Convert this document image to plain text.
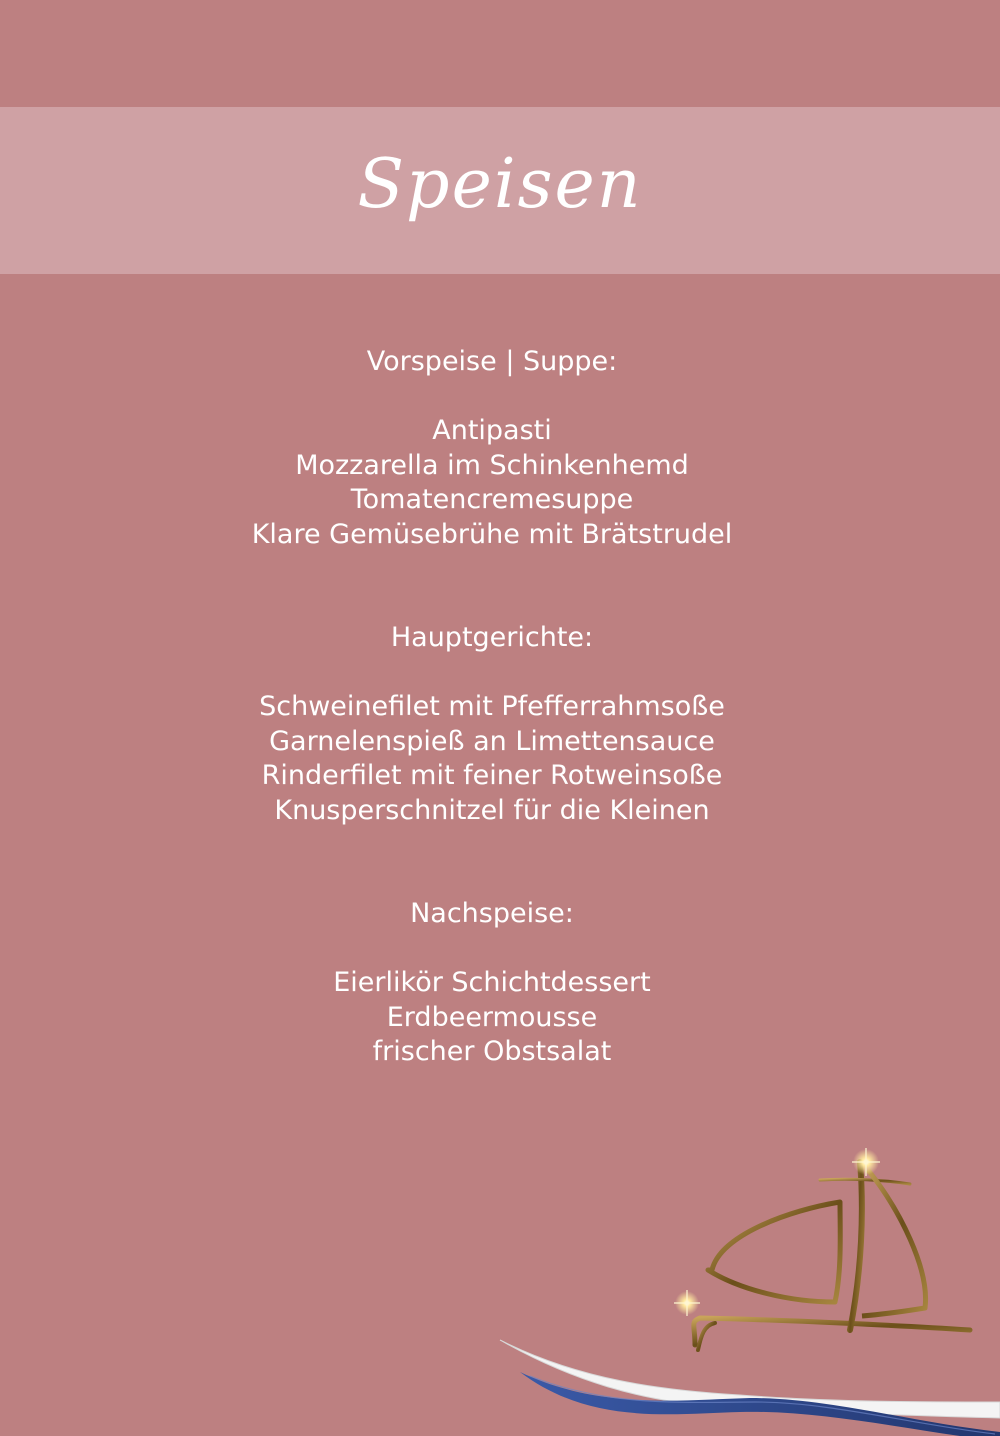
Speisen
Vorspeise | Suppe:
Antipasti
Mozzarella im Schinkenhemd
Tomatencremesuppe
Klare Gemüsebrühe mit Brätstrudel
Hauptgerichte:
Schweinefilet mit Pfefferrahmsoße
Garnelenspieß an Limettensauce
Rinderfilet mit feiner Rotweinsoße
Knusperschnitzel für die Kleinen
Nachspeise:
Eierlikör Schichtdessert
Erdbeermousse
frischer Obstsalat
